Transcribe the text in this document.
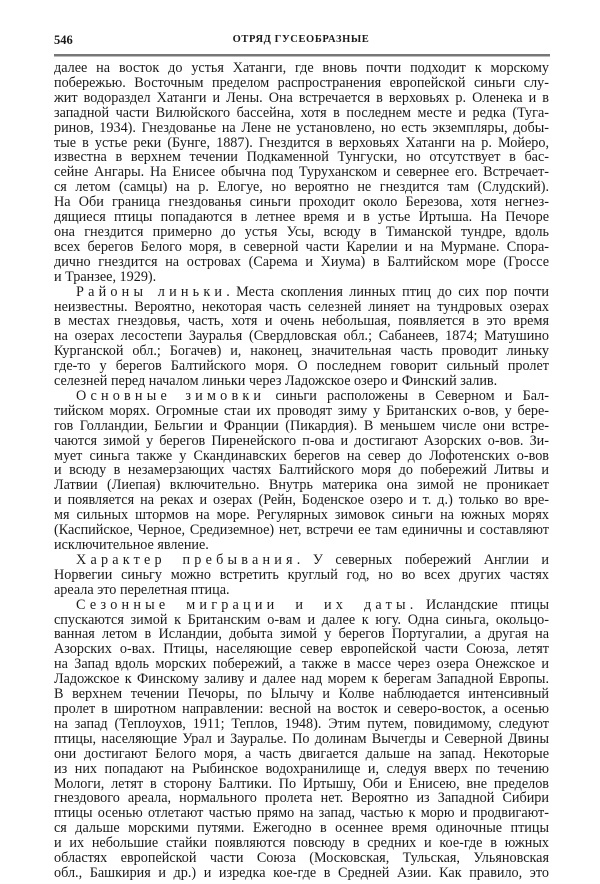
546	ОТРЯД ГУСЕОБРАЗНЫЕ
далее на восток до устья Хатанги, где вновь почти подходит к морскому
побережью. Восточным пределом распространения европейской синьги слу-
жит водораздел Хатанги и Лены. Она встречается в верховьях р. Оленека и в
западной части Вилюйского бассейна, хотя в последнем месте и редка (Туга-
ринов, 1934). Гнездованье на Лене не установлено, но есть экземпляры, добы-
тые в устье реки (Бунге, 1887). Гнездится в верховьях Хатанги на р. Мойеро,
известна в верхнем течении Подкаменной Тунгуски, но отсутствует в бас-
сейне Ангары. На Енисее обычна под Туруханском и севернее его. Встречает-
ся летом (самцы) на р. Елогуе, но вероятно не гнездится там (Слудский).
На Оби граница гнездованья синьги проходит около Березова, хотя негнез-
дящиеся птицы попадаются в летнее время и в устье Иртыша. На Печоре
она гнездится примерно до устья Усы, всюду в Тиманской тундре, вдоль
всех берегов Белого моря, в северной части Карелии и на Мурмане. Спора-
дично гнездится на островах (Сарема и Хиума) в Балтийском море (Гроссе
и Транзее, 1929).
Районы линьки. Места скопления линных птиц до сих пор почти
неизвестны. Вероятно, некоторая часть селезней линяет на тундровых озерах
в местах гнездовья, часть, хотя и очень небольшая, появляется в это время
на озерах лесостепи Зауралья (Свердловская обл.; Сабанеев, 1874; Матушино
Курганской обл.; Богачев) и, наконец, значительная часть проводит линьку
где-то у берегов Балтийского моря. О последнем говорит сильный пролет
селезней перед началом линьки через Ладожское озеро и Финский залив.
Основные зимовки синьги расположены в Северном и Бал-
тийском морях. Огромные стаи их проводят зиму у Британских о-вов, у бере-
гов Голландии, Бельгии и Франции (Пикардия). В меньшем числе они встре-
чаются зимой у берегов Пиренейского п-ова и достигают Азорских о-вов. Зи-
мует синьга также у Скандинавских берегов на север до Лофотенских о-вов
и всюду в незамерзающих частях Балтийского моря до побережий Литвы и
Латвии (Лиепая) включительно. Внутрь материка она зимой не проникает
и появляется на реках и озерах (Рейн, Боденское озеро и т. д.) только во вре-
мя сильных штормов на море. Регулярных зимовок синьги на южных морях
(Каспийское, Черное, Средиземное) нет, встречи ее там единичны и составляют
исключительное явление.
Характер пребывания. У северных побережий Англии и
Норвегии синьгу можно встретить круглый год, но во всех других частях
ареала это перелетная птица.
Сезонные миграции и их даты. Исландские птицы
спускаются зимой к Британским о-вам и далее к югу. Одна синьга, окольцо-
ванная летом в Исландии, добыта зимой у берегов Португалии, а другая на
Азорских о-вах. Птицы, населяющие север европейской части Союза, летят
на Запад вдоль морских побережий, а также в массе через озера Онежское и
Ладожское к Финскому заливу и далее над морем к берегам Западной Европы.
В верхнем течении Печоры, по Ылычу и Колве наблюдается интенсивный
пролет в широтном направлении: весной на восток и северо-восток, а осенью
на запад (Теплоухов, 1911; Теплов, 1948). Этим путем, повидимому, следуют
птицы, населяющие Урал и Зауралье. По долинам Вычегды и Северной Двины
они достигают Белого моря, а часть двигается дальше на запад. Некоторые
из них попадают на Рыбинское водохранилище и, следуя вверх по течению
Мологи, летят в сторону Балтики. По Иртышу, Оби и Енисею, вне пределов
гнездового ареала, нормального пролета нет. Вероятно из Западной Сибири
птицы осенью отлетают частью прямо на запад, частью к морю и продвигают-
ся дальше морскими путями. Ежегодно в осеннее время одиночные птицы
и их небольшие стайки появляются повсюду в средних и кое-где в южных
областях европейской части Союза (Московская, Тульская, Ульяновская
обл., Башкирия и др.) и изредка кое-где в Средней Азии. Как правило, это
